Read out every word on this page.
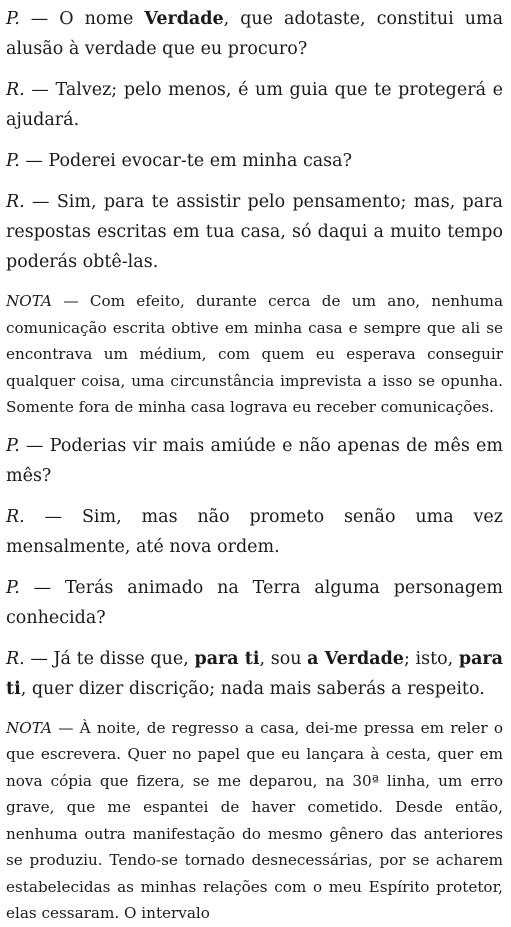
P. — O nome Verdade, que adotaste, constitui uma alusão à verdade que eu procuro?

R. — Talvez; pelo menos, é um guia que te protegerá e ajudará.

P. — Poderei evocar-te em minha casa?

R. — Sim, para te assistir pelo pensamento; mas, para respostas escritas em tua casa, só daqui a muito tempo poderás obtê-las.

NOTA — Com efeito, durante cerca de um ano, nenhuma comunicação escrita obtive em minha casa e sempre que ali se encontrava um médium, com quem eu esperava conseguir qualquer coisa, uma circunstância imprevista a isso se opunha. Somente fora de minha casa lograva eu receber comunicações.

P. — Poderias vir mais amiúde e não apenas de mês em mês?

R. — Sim, mas não prometo senão uma vez mensalmente, até nova ordem.

P. — Terás animado na Terra alguma personagem conhecida?

R. — Já te disse que, para ti, sou a Verdade; isto, para ti, quer dizer discrição; nada mais saberás a respeito.

NOTA — À noite, de regresso a casa, dei-me pressa em reler o que escrevera. Quer no papel que eu lançara à cesta, quer em nova cópia que fizera, se me deparou, na 30ª linha, um erro grave, que me espantei de haver cometido. Desde então, nenhuma outra manifestação do mesmo gênero das anteriores se produziu. Tendo-se tornado desnecessárias, por se acharem estabelecidas as minhas relações com o meu Espírito protetor, elas cessaram. O intervalo
